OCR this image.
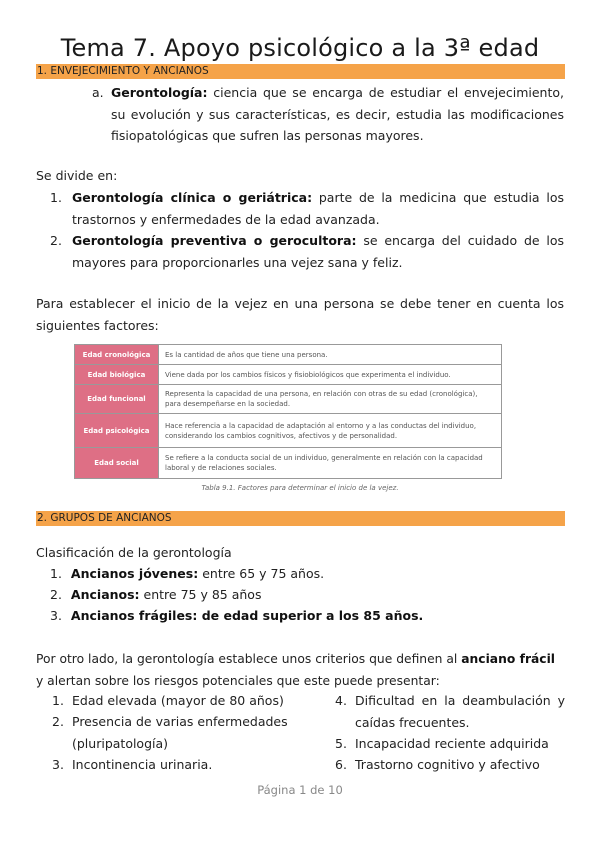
Tema 7. Apoyo psicológico a la 3ª edad
1. ENVEJECIMIENTO Y ANCIANOS
a. Gerontología: ciencia que se encarga de estudiar el envejecimiento, su evolución y sus características, es decir, estudia las modificaciones fisiopatológicas que sufren las personas mayores.
Se divide en:
1. Gerontología clínica o geriátrica: parte de la medicina que estudia los trastornos y enfermedades de la edad avanzada.
2. Gerontología preventiva o gerocultora: se encarga del cuidado de los mayores para proporcionarles una vejez sana y feliz.
Para establecer el inicio de la vejez en una persona se debe tener en cuenta los siguientes factores:
Edad cronológica	Es la cantidad de años que tiene una persona.
Edad biológica	Viene dada por los cambios físicos y fisiobiológicos que experimenta el individuo.
Edad funcional	Representa la capacidad de una persona, en relación con otras de su edad (cronológica), para desempeñarse en la sociedad.
Edad psicológica	Hace referencia a la capacidad de adaptación al entorno y a las conductas del individuo, considerando los cambios cognitivos, afectivos y de personalidad.
Edad social	Se refiere a la conducta social de un individuo, generalmente en relación con la capacidad laboral y de relaciones sociales.
Tabla 9.1. Factores para determinar el inicio de la vejez.
2. GRUPOS DE ANCIANOS
Clasificación de la gerontología
1. Ancianos jóvenes: entre 65 y 75 años.
2. Ancianos: entre 75 y 85 años
3. Ancianos frágiles: de edad superior a los 85 años.
Por otro lado, la gerontología establece unos criterios que definen al anciano frácil y alertan sobre los riesgos potenciales que este puede presentar:
1. Edad elevada (mayor de 80 años)
2. Presencia de varias enfermedades (pluripatología)
3. Incontinencia urinaria.
4. Dificultad en la deambulación y caídas frecuentes.
5. Incapacidad reciente adquirida
6. Trastorno cognitivo y afectivo
Página 1 de 10
